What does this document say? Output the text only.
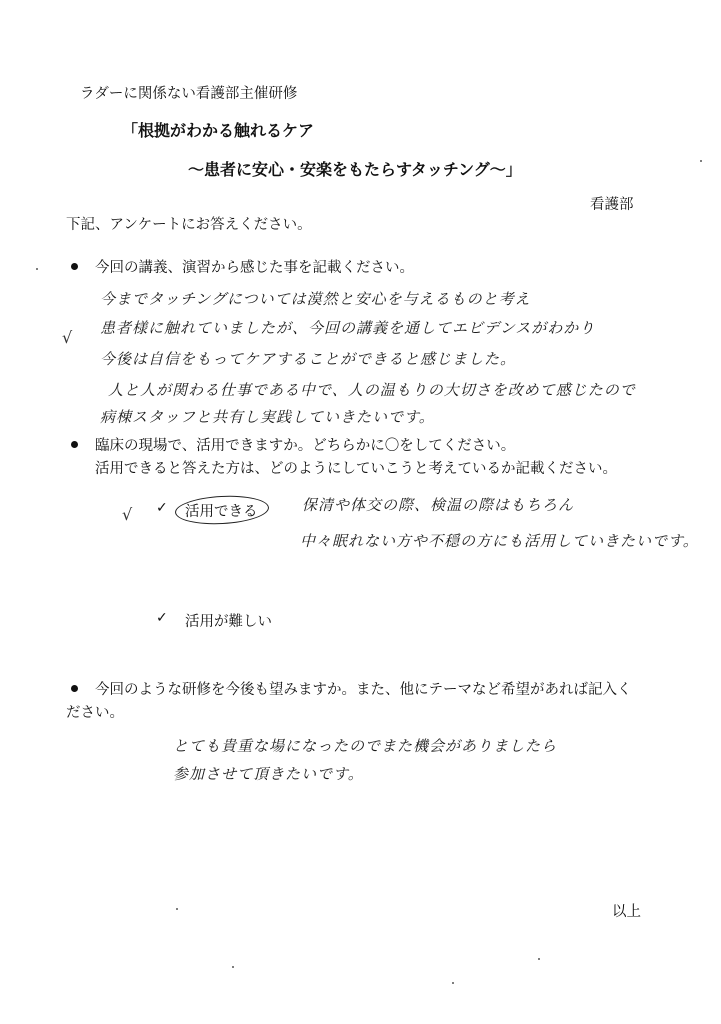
ラダーに関係ない看護部主催研修
「根拠がわかる触れるケア
～患者に安心・安楽をもたらすタッチング～」
看護部
下記、アンケートにお答えください。
今回の講義、演習から感じた事を記載ください。
今までタッチングについては漠然と安心を与えるものと考え
患者様に触れていましたが、今回の講義を通してエビデンスがわかり
今後は自信をもってケアすることができると感じました。
人と人が関わる仕事である中で、人の温もりの大切さを改めて感じたので
病棟スタッフと共有し実践していきたいです。
√
臨床の現場で、活用できますか。どちらかに〇をしてください。
活用できると答えた方は、どのようにしていこうと考えているか記載ください。
√ ✓ 活用できる	保清や体交の際、検温の際はもちろん
中々眠れない方や不穏の方にも活用していきたいです。
✓ 活用が難しい
今回のような研修を今後も望みますか。また、他にテーマなど希望があれば記入く
ださい。
とても貴重な場になったのでまた機会がありましたら
参加させて頂きたいです。
以上
